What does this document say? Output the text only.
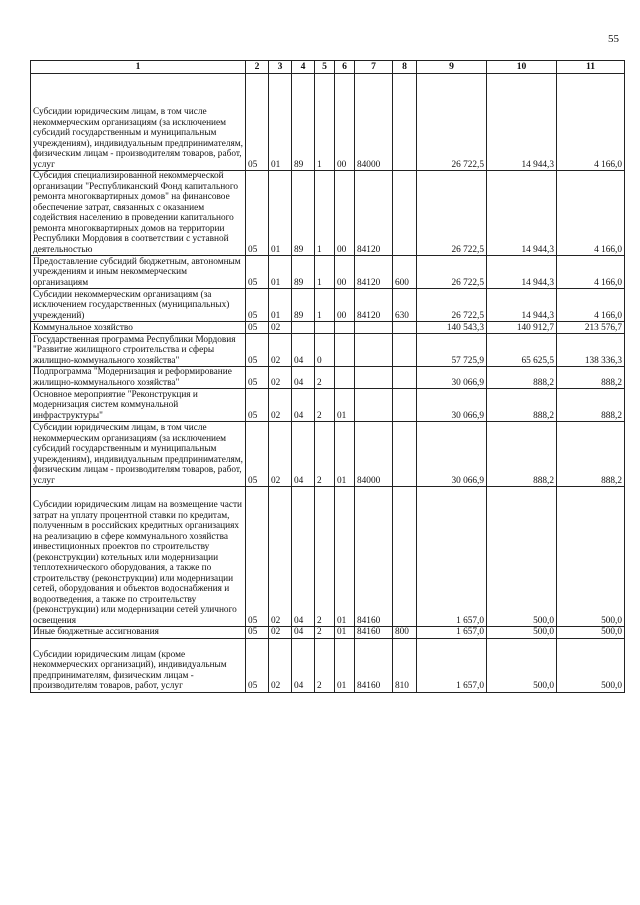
55
1	2	3	4	5	6	7	8	9	10	11
Субсидии юридическим лицам, в том числе некоммерческим организациям (за исключением субсидий государственным и муниципальным учреждениям), индивидуальным предпринимателям, физическим лицам - производителям товаров, работ, услуг	05	01	89	1	00	84000		26 722,5	14 944,3	4 166,0
Субсидия специализированной некоммерческой организации "Республиканский Фонд капитального ремонта многоквартирных домов" на финансовое обеспечение затрат, связанных с оказанием содействия населению в проведении капитального ремонта многоквартирных домов на территории Республики Мордовия в соответствии с уставной деятельностью	05	01	89	1	00	84120		26 722,5	14 944,3	4 166,0
Предоставление субсидий бюджетным, автономным учреждениям и иным некоммерческим организациям	05	01	89	1	00	84120	600	26 722,5	14 944,3	4 166,0
Субсидии некоммерческим организациям (за исключением государственных (муниципальных) учреждений)	05	01	89	1	00	84120	630	26 722,5	14 944,3	4 166,0
Коммунальное хозяйство	05	02						140 543,3	140 912,7	213 576,7
Государственная программа Республики Мордовия "Развитие жилищного строительства и сферы жилищно-коммунального хозяйства"	05	02	04	0				57 725,9	65 625,5	138 336,3
Подпрограмма "Модернизация и реформирование жилищно-коммунального хозяйства"	05	02	04	2				30 066,9	888,2	888,2
Основное мероприятие "Реконструкция и модернизация систем коммунальной инфраструктуры"	05	02	04	2	01			30 066,9	888,2	888,2
Субсидии юридическим лицам, в том числе некоммерческим организациям (за исключением субсидий государственным и муниципальным учреждениям), индивидуальным предпринимателям, физическим лицам - производителям товаров, работ, услуг	05	02	04	2	01	84000		30 066,9	888,2	888,2
Субсидии юридическим лицам на возмещение части затрат на уплату процентной ставки по кредитам, полученным в российских кредитных организациях на реализацию в сфере коммунального хозяйства инвестиционных проектов по строительству (реконструкции) котельных или модернизации теплотехнического оборудования, а также по строительству (реконструкции) или модернизации сетей, оборудования и объектов водоснабжения и водоотведения, а также по строительству (реконструкции) или модернизации сетей уличного освещения	05	02	04	2	01	84160		1 657,0	500,0	500,0
Иные бюджетные ассигнования	05	02	04	2	01	84160	800	1 657,0	500,0	500,0
Субсидии юридическим лицам (кроме некоммерческих организаций), индивидуальным предпринимателям, физическим лицам - производителям товаров, работ, услуг	05	02	04	2	01	84160	810	1 657,0	500,0	500,0
